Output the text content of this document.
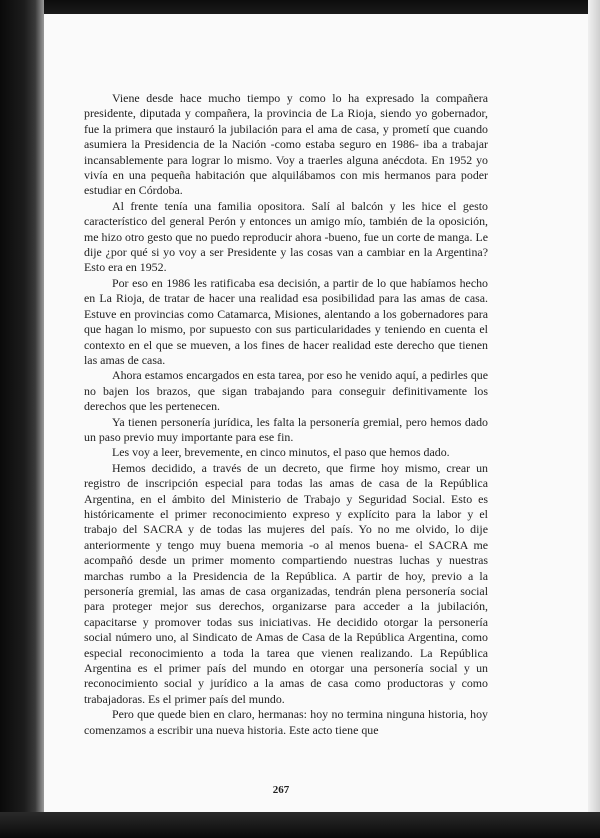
Viene desde hace mucho tiempo y como lo ha expresado la compañera presidente, diputada y compañera, la provincia de La Rioja, siendo yo gobernador, fue la primera que instauró la jubilación para el ama de casa, y prometí que cuando asumiera la Presidencia de la Nación -como estaba seguro en 1986- iba a trabajar incansablemente para lograr lo mismo. Voy a traerles alguna anécdota. En 1952 yo vivía en una pequeña habitación que alquilábamos con mis hermanos para poder estudiar en Córdoba.

Al frente tenía una familia opositora. Salí al balcón y les hice el gesto característico del general Perón y entonces un amigo mío, también de la oposición, me hizo otro gesto que no puedo reproducir ahora -bueno, fue un corte de manga. Le dije ¿por qué si yo voy a ser Presidente y las cosas van a cambiar en la Argentina? Esto era en 1952.

Por eso en 1986 les ratificaba esa decisión, a partir de lo que habíamos hecho en La Rioja, de tratar de hacer una realidad esa posibilidad para las amas de casa. Estuve en provincias como Catamarca, Misiones, alentando a los gobernadores para que hagan lo mismo, por supuesto con sus particularidades y teniendo en cuenta el contexto en el que se mueven, a los fines de hacer realidad este derecho que tienen las amas de casa.

Ahora estamos encargados en esta tarea, por eso he venido aquí, a pedirles que no bajen los brazos, que sigan trabajando para conseguir definitivamente los derechos que les pertenecen.

Ya tienen personería jurídica, les falta la personería gremial, pero hemos dado un paso previo muy importante para ese fin.

Les voy a leer, brevemente, en cinco minutos, el paso que hemos dado.

Hemos decidido, a través de un decreto, que firme hoy mismo, crear un registro de inscripción especial para todas las amas de casa de la República Argentina, en el ámbito del Ministerio de Trabajo y Seguridad Social. Esto es históricamente el primer reconocimiento expreso y explícito para la labor y el trabajo del SACRA y de todas las mujeres del país. Yo no me olvido, lo dije anteriormente y tengo muy buena memoria -o al menos buena- el SACRA me acompañó desde un primer momento compartiendo nuestras luchas y nuestras marchas rumbo a la Presidencia de la República. A partir de hoy, previo a la personería gremial, las amas de casa organizadas, tendrán plena personería social para proteger mejor sus derechos, organizarse para acceder a la jubilación, capacitarse y promover todas sus iniciativas. He decidido otorgar la personería social número uno, al Sindicato de Amas de Casa de la República Argentina, como especial reconocimiento a toda la tarea que vienen realizando. La República Argentina es el primer país del mundo en otorgar una personería social y un reconocimiento social y jurídico a la amas de casa como productoras y como trabajadoras. Es el primer país del mundo.

Pero que quede bien en claro, hermanas: hoy no termina ninguna historia, hoy comenzamos a escribir una nueva historia. Este acto tiene que

267
